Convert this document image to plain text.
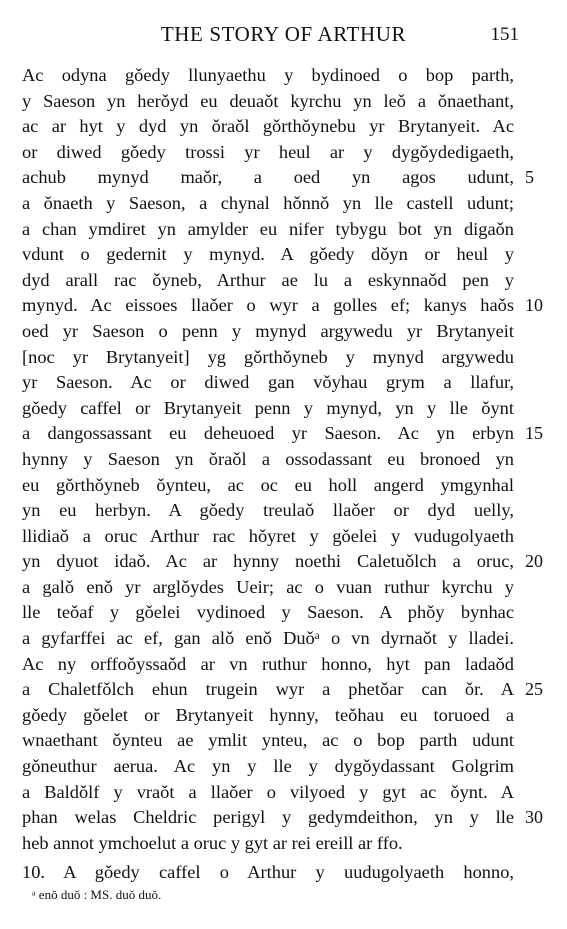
THE STORY OF ARTHUR	151
Ac odyna gǒedy llunyaethu y bydinoed o bop parth,
y Saeson yn herǒyd eu deuaǒt kyrchu yn leǒ a ǒnaethant,
ac ar hyt y dyd yn ǒraǒl gǒrthǒynebu yr Brytanyeit. Ac
or diwed gǒedy trossi yr heul ar y dygǒydedigaeth,
achub mynyd maǒr, a oed yn agos udunt, 5
a ǒnaeth y Saeson, a chynal hǒnnǒ yn lle castell udunt;
a chan ymdiret yn amylder eu nifer tybygu bot yn digaǒn
vdunt o gedernit y mynyd. A gǒedy dǒyn or heul y
dyd arall rac ǒyneb, Arthur ae lu a eskynnaǒd pen y
mynyd. Ac eissoes llaǒer o wyr a golles ef; kanys haǒs 10
oed yr Saeson o penn y mynyd argywedu yr Brytanyeit
[noc yr Brytanyeit] yg gǒrthǒyneb y mynyd argywedu
yr Saeson. Ac or diwed gan vǒyhau grym a llafur,
gǒedy caffel or Brytanyeit penn y mynyd, yn y lle ǒynt
a dangossassant eu deheuoed yr Saeson. Ac yn erbyn 15
hynny y Saeson yn ǒraǒl a ossodassant eu bronoed yn
eu gǒrthǒyneb ǒynteu, ac oc eu holl angerd ymgynhal
yn eu herbyn. A gǒedy treulaǒ llaǒer or dyd uelly,
llidiaǒ a oruc Arthur rac hǒyret y gǒelei y vudugolyaeth
yn dyuot idaǒ. Ac ar hynny noethi Caletuǒlch a oruc, 20
a galǒ enǒ yr arglǒydes Ueir; ac o vuan ruthur kyrchu y
lle teǒaf y gǒelei vydinoed y Saeson. A phǒy bynhac
a gyfarffei ac ef, gan alǒ enǒ Duǒᵃ o vn dyrnaǒt y lladei.
Ac ny orffoǒyssaǒd ar vn ruthur honno, hyt pan ladaǒd
a Chaletfǒlch ehun trugein wyr a phetǒar can ǒr. A 25
gǒedy gǒelet or Brytanyeit hynny, teǒhau eu toruoed a
wnaethant ǒynteu ae ymlit ynteu, ac o bop parth udunt
gǒneuthur aerua. Ac yn y lle y dygǒydassant Golgrim
a Baldǒlf y vraǒt a llaǒer o vilyoed y gyt ac ǒynt. A
phan welas Cheldric perigyl y gedymdeithon, yn y lle 30
heb annot ymchoelut a oruc y gyt ar rei ereill ar ffo.
10. A gǒedy caffel o Arthur y uudugolyaeth honno,
ᵃ enǒ duǒ : MS. duǒ duǒ.
